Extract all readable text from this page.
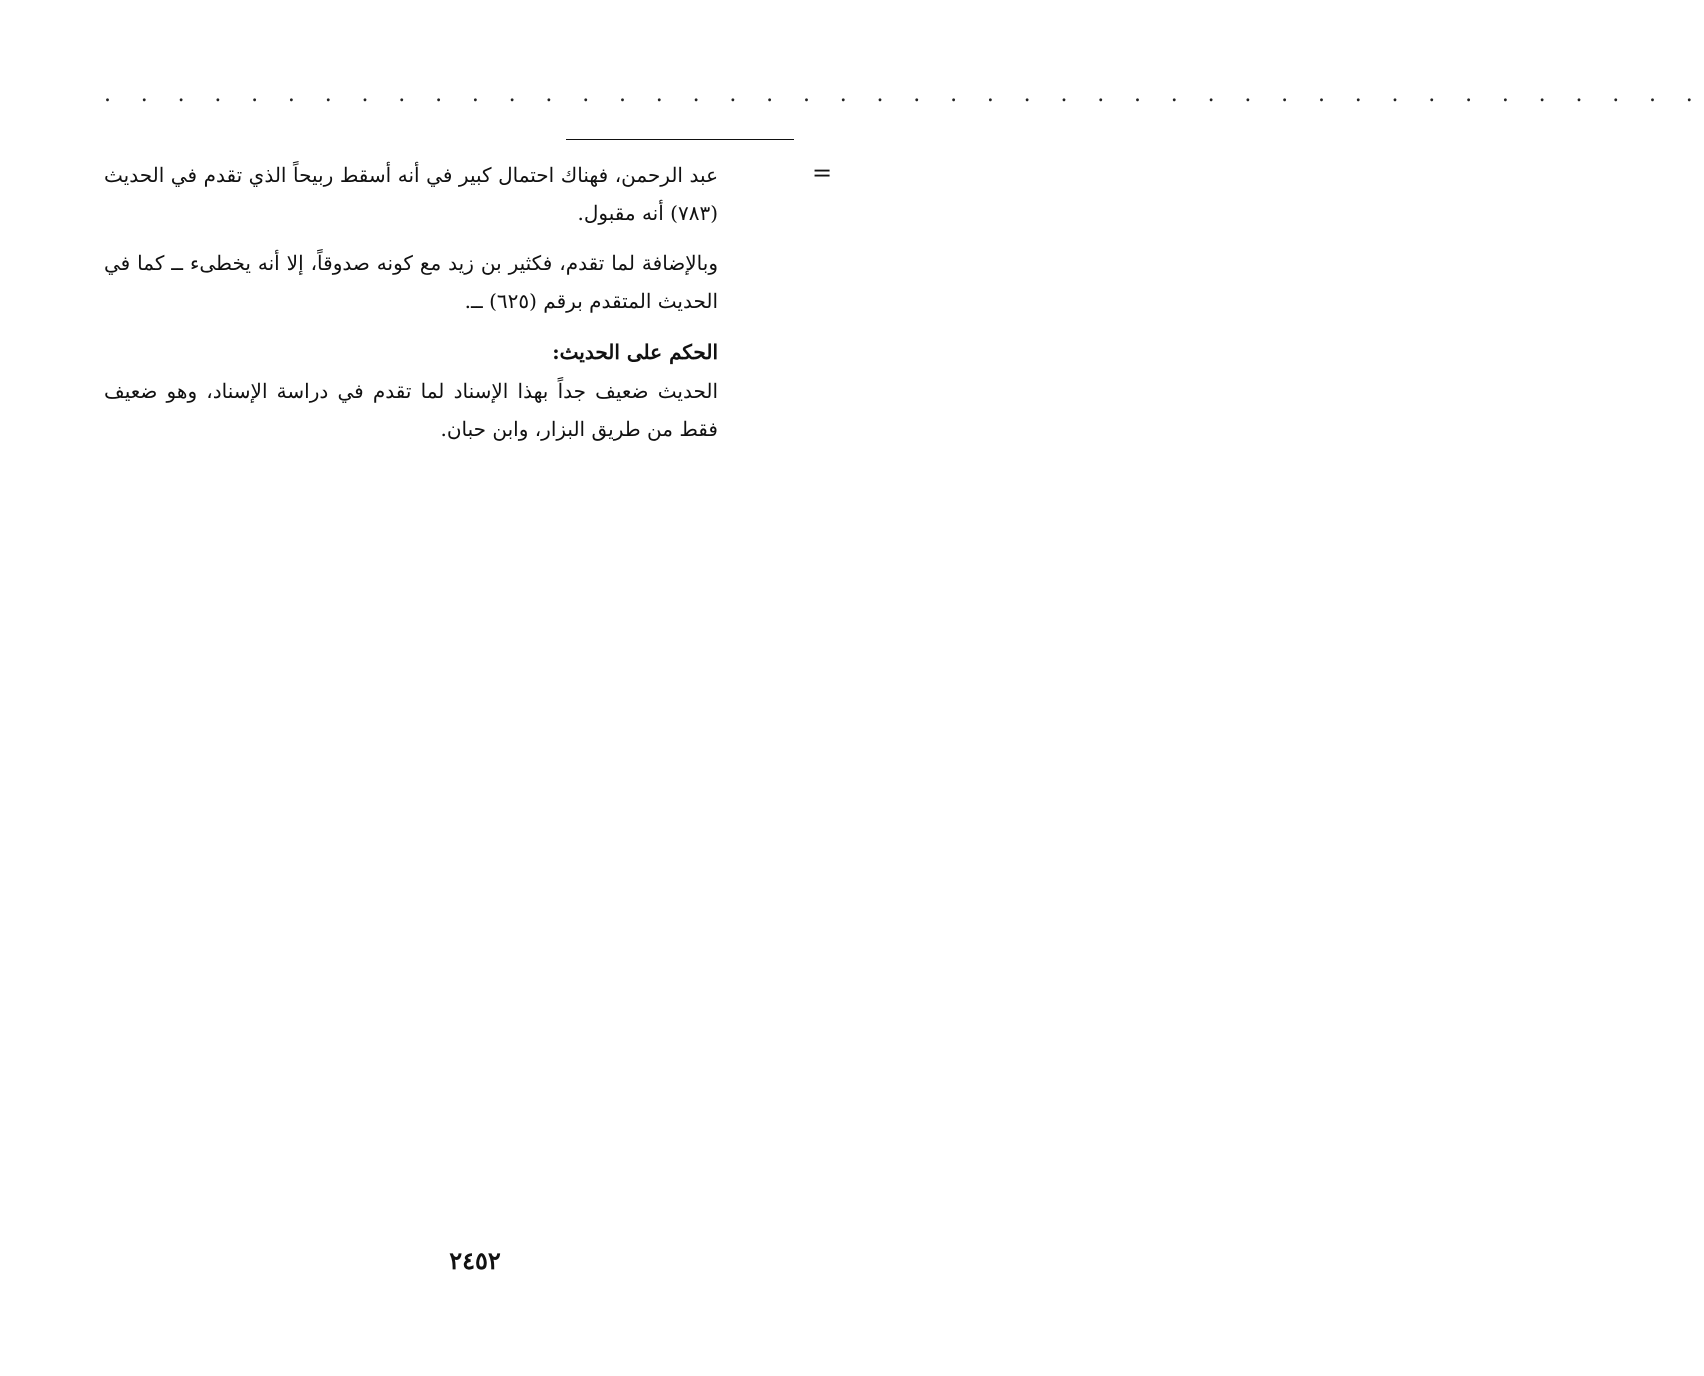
. . . . . . . . . . . . . . . . . . . . . . . . . . . . . . . . . . . . . . . . . . . .
=

عبد الرحمن، فهناك احتمال كبير في أنه أسقط ربيحاً الذي تقدم في الحديث (٧٨٣) أنه مقبول.

وبالإضافة لما تقدم، فكثير بن زيد مع كونه صدوقاً، إلا أنه يخطىء ــ كما في الحديث المتقدم برقم (٦٢٥) ــ.

الحكم على الحديث:

الحديث ضعيف جداً بهذا الإسناد لما تقدم في دراسة الإسناد، وهو ضعيف فقط من طريق البزار، وابن حبان.

٢٤٥٢
